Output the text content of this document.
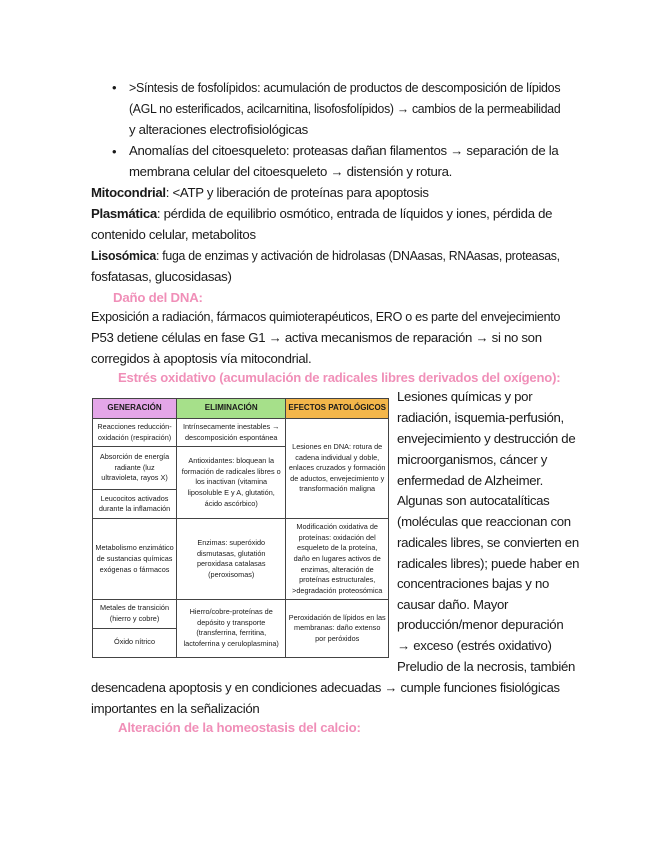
• >Síntesis de fosfolípidos: acumulación de productos de descomposición de lípidos
(AGL no esterificados, acilcarnitina, lisofosfolípidos) → cambios de la permeabilidad
y alteraciones electrofisiológicas
• Anomalías del citoesqueleto: proteasas dañan filamentos → separación de la
membrana celular del citoesqueleto → distensión y rotura.
Mitocondrial: <ATP y liberación de proteínas para apoptosis
Plasmática: pérdida de equilibrio osmótico, entrada de líquidos y iones, pérdida de
contenido celular, metabolitos
Lisosómica: fuga de enzimas y activación de hidrolasas (DNAasas, RNAasas, proteasas,
fosfatasas, glucosidasas)
Daño del DNA:
Exposición a radiación, fármacos quimioterapéuticos, ERO o es parte del envejecimiento
P53 detiene células en fase G1 → activa mecanismos de reparación → si no son
corregidos à apoptosis vía mitocondrial.
Estrés oxidativo (acumulación de radicales libres derivados del oxígeno):
GENERACIÓN	ELIMINACIÓN	EFECTOS PATOLÓGICOS
Reacciones reducción-oxidación (respiración)	Intrínsecamente inestables → descomposición espontánea	Lesiones en DNA: rotura de cadena individual y doble, enlaces cruzados y formación de aductos, envejecimiento y transformación maligna
Absorción de energía radiante (luz ultravioleta, rayos X)	Antioxidantes: bloquean la formación de radicales libres o los inactivan (vitamina liposoluble E y A, glutatión, ácido ascórbico)	
Leucocitos activados durante la inflamación		
Metabolismo enzimático de sustancias químicas exógenas o fármacos	Enzimas: superóxido dismutasas, glutatión peroxidasa catalasas (peroxisomas)	Modificación oxidativa de proteínas: oxidación del esqueleto de la proteína, daño en lugares activos de enzimas, alteración de proteínas estructurales, >degradación proteosómica
Metales de transición (hierro y cobre)	Hierro/cobre-proteínas de depósito y transporte (transferrina, ferritina, lactoferrina y ceruloplasmina)	Peroxidación de lípidos en las membranas: daño extenso por peróxidos
Óxido nítrico		
Lesiones químicas y por
radiación, isquemia-perfusión,
envejecimiento y destrucción de
microorganismos, cáncer y
enfermedad de Alzheimer.
Algunas son autocatalíticas
(moléculas que reaccionan con
radicales libres, se convierten en
radicales libres); puede haber en
concentraciones bajas y no
causar daño. Mayor
producción/menor depuración
→ exceso (estrés oxidativo)
Preludio de la necrosis, también
desencadena apoptosis y en condiciones adecuadas → cumple funciones fisiológicas
importantes en la señalización
Alteración de la homeostasis del calcio:
